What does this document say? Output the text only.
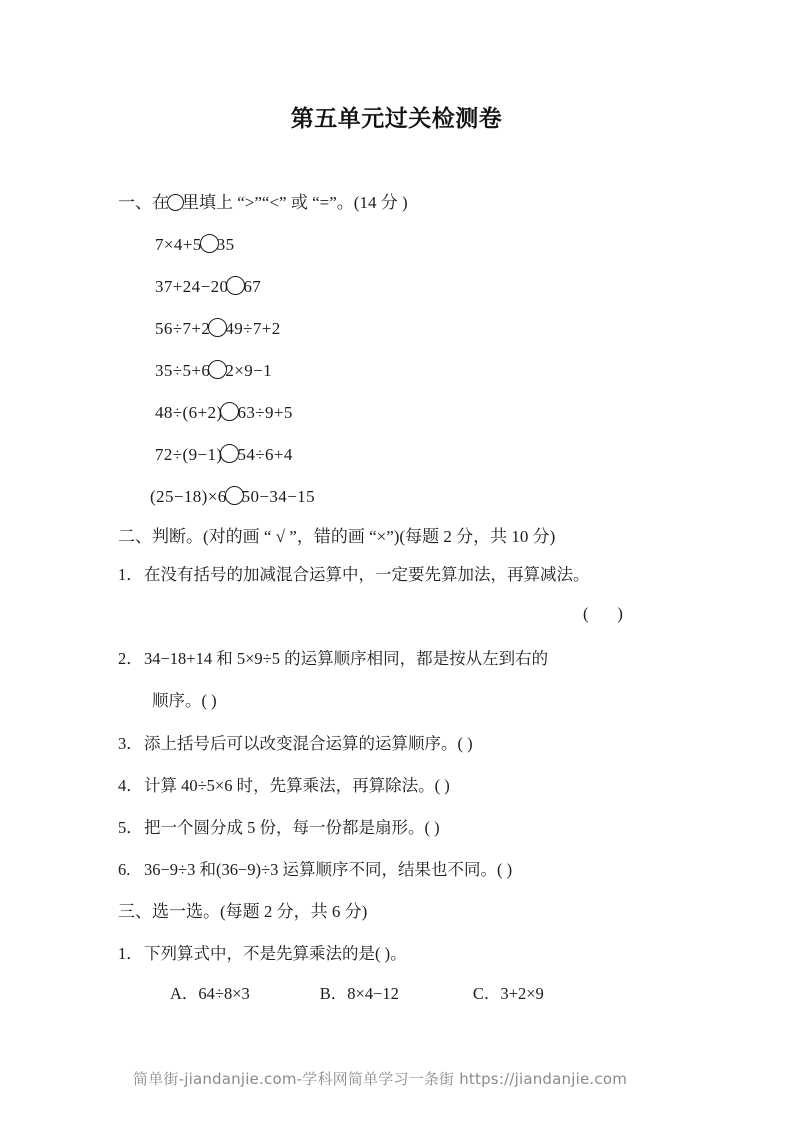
第五单元过关检测卷
一、在 里填上 “>”“<” 或 “=”。(14 分 )
7×4+5 35
37+24−20 67
56÷7+2 49÷7+2
35÷5+6 2×9−1
48÷(6+2) 63÷9+5
72÷(9−1) 54÷6+4
(25−18)×6 50−34−15
二、判断。(对的画 “ √ ”，错的画 “×”)(每题 2 分，共 10 分)
1．在没有括号的加减混合运算中，一定要先算加法，再算减法。
(       )
2．34−18+14 和 5×9÷5 的运算顺序相同，都是按从左到右的
顺序。( )
3．添上括号后可以改变混合运算的运算顺序。( )
4．计算 40÷5×6 时，先算乘法，再算除法。( )
5．把一个圆分成 5 份，每一份都是扇形。( )
6. 36−9÷3 和(36−9)÷3 运算顺序不同，结果也不同。( )
三、选一选。(每题 2 分，共 6 分)
1．下列算式中，不是先算乘法的是( )。
A．64÷8×3	B．8×4−12	C．3+2×9
简单街-jiandanjie.com-学科网简单学习一条街 https://jiandanjie.com
